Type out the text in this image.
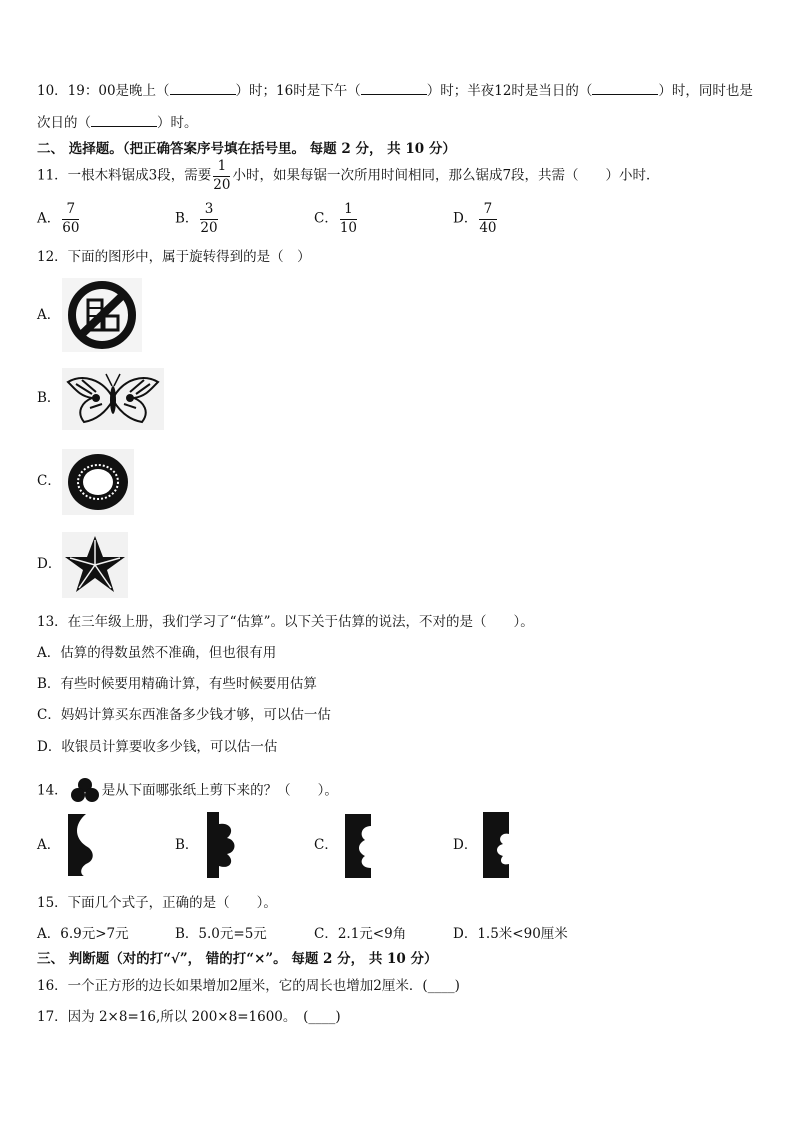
10．19：00是晚上（	）时；16时是下午（	）时；半夜12时是当日的（	）时，同时也是
次日的（	）时。
二、 选择题。（把正确答案序号填在括号里。 每题 2 分， 共 10 分）
11．一根木料锯成3段，需要 $\frac{1}{20}$ 小时，如果每锯一次所用时间相同，那么锯成7段，共需（　　）小时．
A． $\frac{7}{60}$	B． $\frac{3}{20}$	C． $\frac{1}{10}$	D． $\frac{7}{40}$
12．下面的图形中，属于旋转得到的是（　）
A．
B．
C．
D．
13．在三年级上册，我们学习了“估算”。以下关于估算的说法，不对的是（　　）。
A．估算的得数虽然不准确，但也很有用
B．有些时候要用精确计算，有些时候要用估算
C．妈妈计算买东西准备多少钱才够，可以估一估
D．收银员计算要收多少钱，可以估一估
14．	是从下面哪张纸上剪下来的？（　　）。
A．	B．	C．	D．
15．下面几个式子，正确的是（　　）。
A．6.9元>7元	B．5.0元=5元	C．2.1元<9角	D．1.5米<90厘米
三、 判断题（对的打“√”， 错的打“×”。 每题 2 分， 共 10 分）
16．一个正方形的边长如果增加2厘米，它的周长也增加2厘米．(____)
17．因为 2×8=16,所以 200×8=1600。　(____)
